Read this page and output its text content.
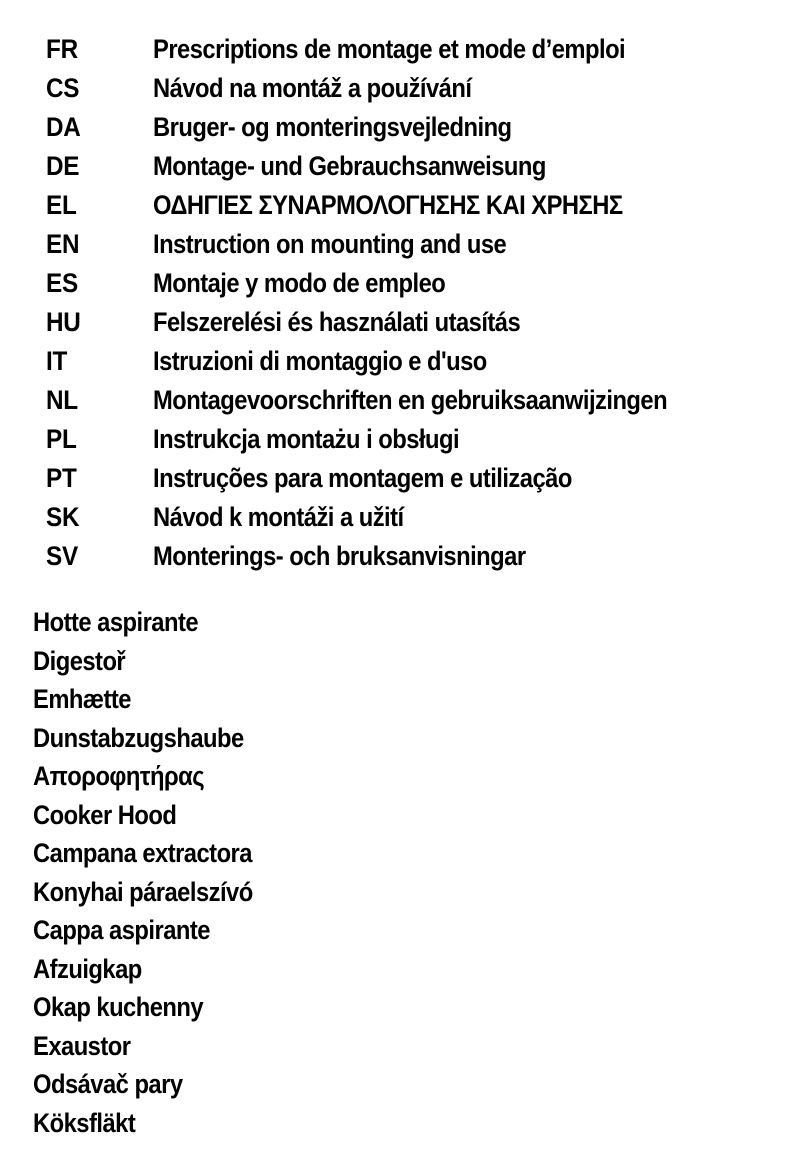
FR	Prescriptions de montage et mode d’emploi
CS	Návod na montáž a používání
DA	Bruger- og monteringsvejledning
DE	Montage- und Gebrauchsanweisung
EL	ΟΔΗΓΙΕΣ ΣΥΝΑΡΜΟΛΟΓΗΣΗΣ ΚΑΙ ΧΡΗΣΗΣ
EN	Instruction on mounting and use
ES	Montaje y modo de empleo
HU	Felszerelési és használati utasítás
IT	Istruzioni di montaggio e d'uso
NL	Montagevoorschriften en gebruiksaanwijzingen
PL	Instrukcja montażu i obsługi
PT	Instruções para montagem e utilização
SK	Návod k montáži a užití
SV	Monterings- och bruksanvisningar
Hotte aspirante
Digestoř
Emhætte
Dunstabzugshaube
Απoρoφητήρας
Cooker Hood
Campana extractora
Konyhai páraelszívó
Cappa aspirante
Afzuigkap
Okap kuchenny
Exaustor
Odsávač pary
Köksfläkt
